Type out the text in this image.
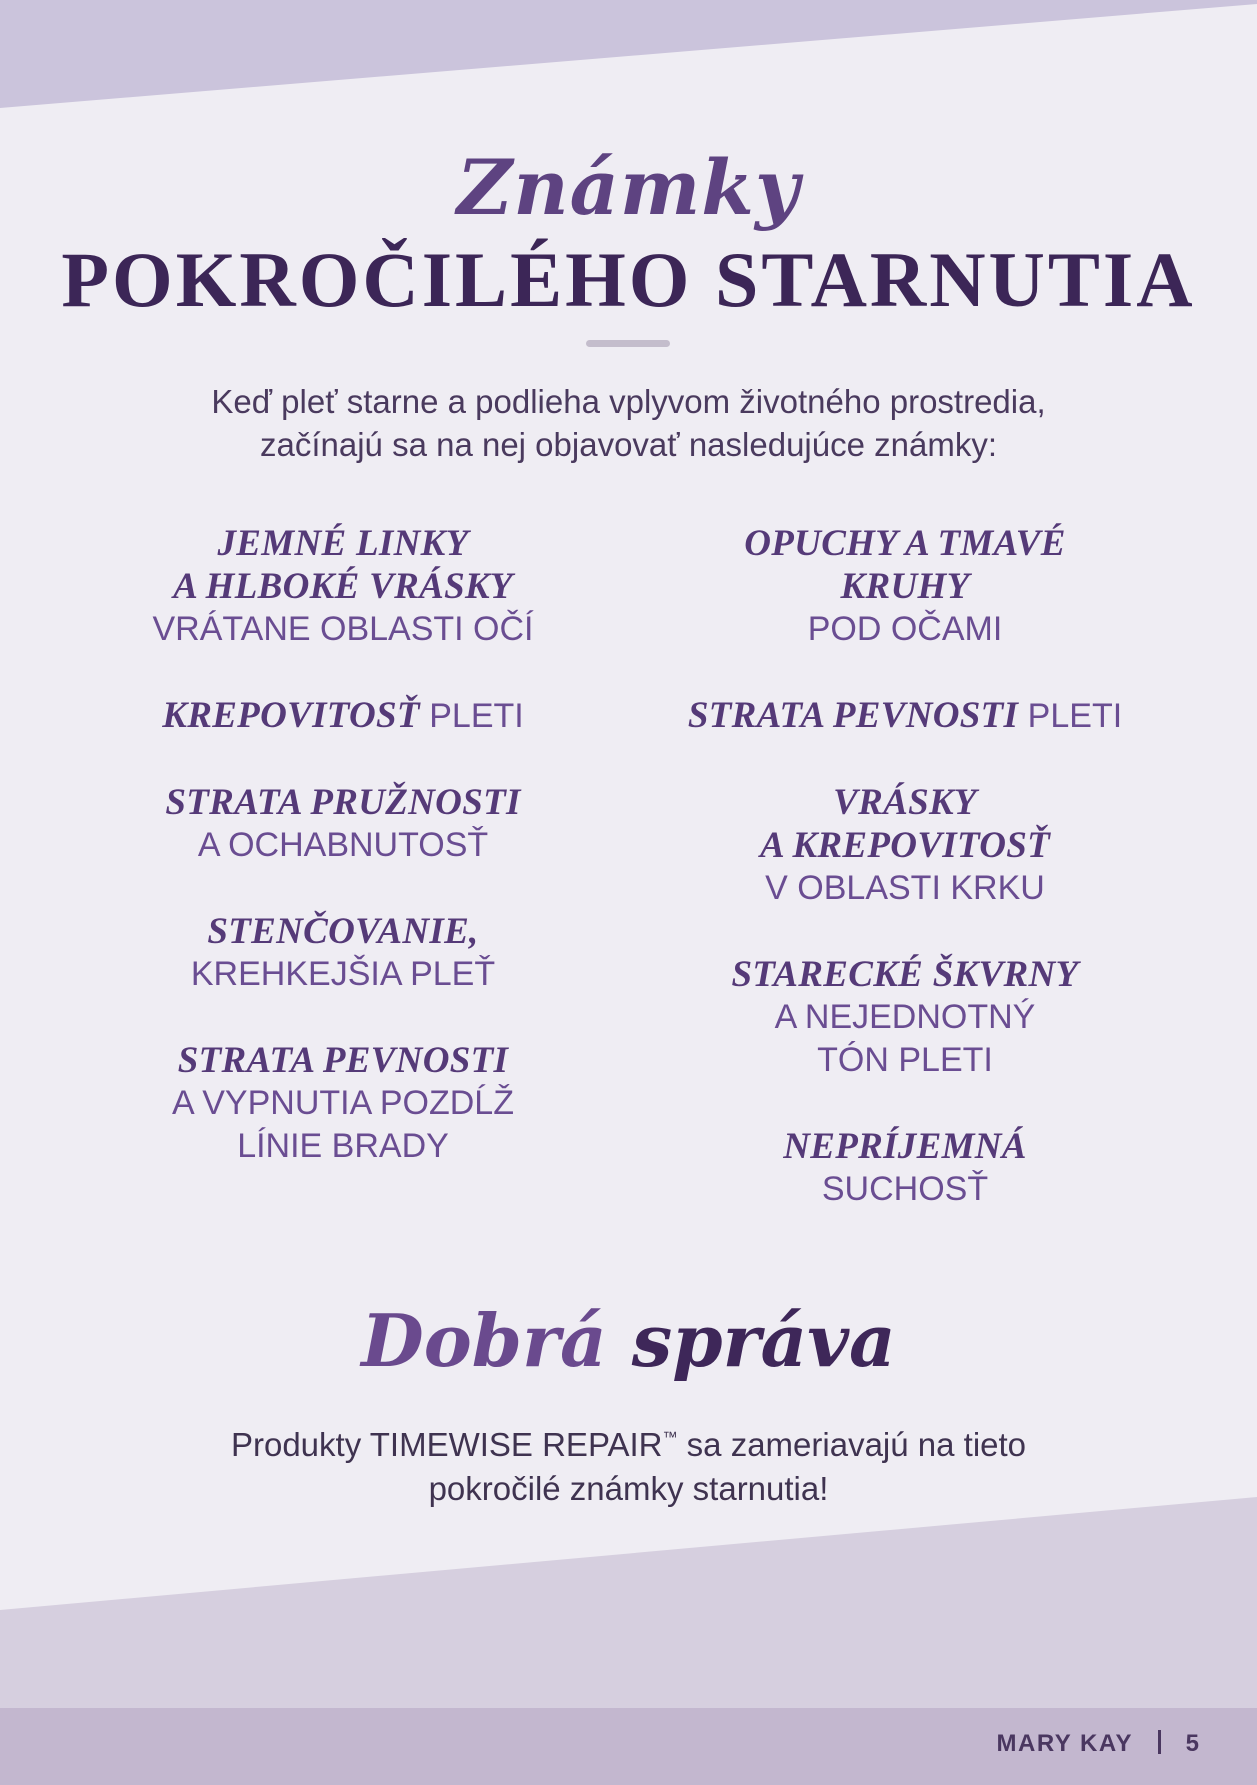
Známky
POKROČILÉHO STARNUTIA
Keď pleť starne a podlieha vplyvom životného prostredia,
začínajú sa na nej objavovať nasledujúce známky:
JEMNÉ LINKY
A HLBOKÉ VRÁSKY
VRÁTANE OBLASTI OČÍ
KREPOVITOSŤ PLETI
STRATA PRUŽNOSTI
A OCHABNUTOSŤ
STENČOVANIE,
KREHKEJŠIA PLEŤ
STRATA PEVNOSTI
A VYPNUTIA POZDĹŽ
LÍNIE BRADY
OPUCHY A TMAVÉ
KRUHY
POD OČAMI
STRATA PEVNOSTI PLETI
VRÁSKY
A KREPOVITOSŤ
V OBLASTI KRKU
STARECKÉ ŠKVRNY
A NEJEDNOTNÝ
TÓN PLETI
NEPRÍJEMNÁ
SUCHOSŤ
Dobrá správa
Produkty TIMEWISE REPAIR™ sa zameriavajú na tieto
pokročilé známky starnutia!
MARY KAY 5
